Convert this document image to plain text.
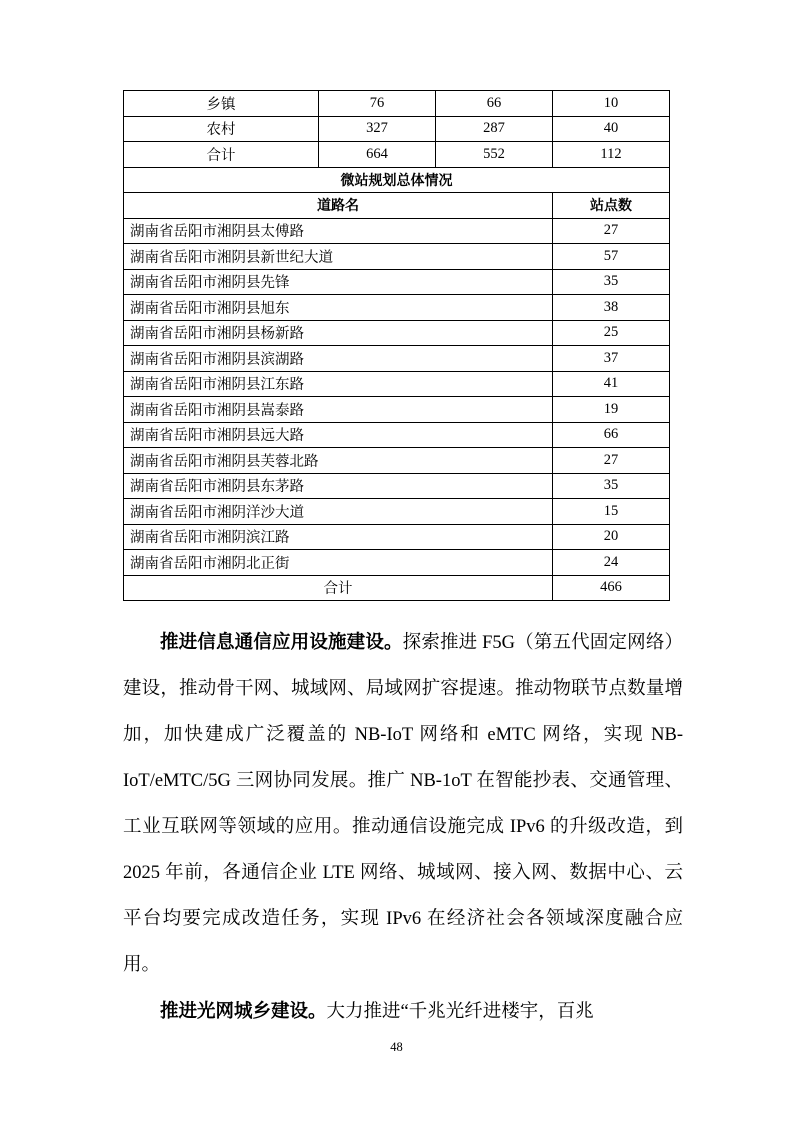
乡镇	76	66	10
农村	327	287	40
合计	664	552	112
微站规划总体情况			
道路名			站点数
湖南省岳阳市湘阴县太傅路			27
湖南省岳阳市湘阴县新世纪大道			57
湖南省岳阳市湘阴县先锋			35
湖南省岳阳市湘阴县旭东			38
湖南省岳阳市湘阴县杨新路			25
湖南省岳阳市湘阴县滨湖路			37
湖南省岳阳市湘阴县江东路			41
湖南省岳阳市湘阴县嵩泰路			19
湖南省岳阳市湘阴县远大路			66
湖南省岳阳市湘阴县芙蓉北路			27
湖南省岳阳市湘阴县东茅路			35
湖南省岳阳市湘阴洋沙大道			15
湖南省岳阳市湘阴滨江路			20
湖南省岳阳市湘阴北正街			24
合计			466

推进信息通信应用设施建设。探索推进 F5G（第五代固定网络）建设，推动骨干网、城域网、局域网扩容提速。推动物联节点数量增加，加快建成广泛覆盖的 NB-IoT 网络和 eMTC 网络，实现 NB-IoT/eMTC/5G 三网协同发展。推广 NB-1oT 在智能抄表、交通管理、工业互联网等领域的应用。推动通信设施完成 IPv6 的升级改造，到 2025 年前，各通信企业 LTE 网络、城域网、接入网、数据中心、云平台均要完成改造任务，实现 IPv6 在经济社会各领域深度融合应用。

推进光网城乡建设。大力推进“千兆光纤进楼宇，百兆

48
